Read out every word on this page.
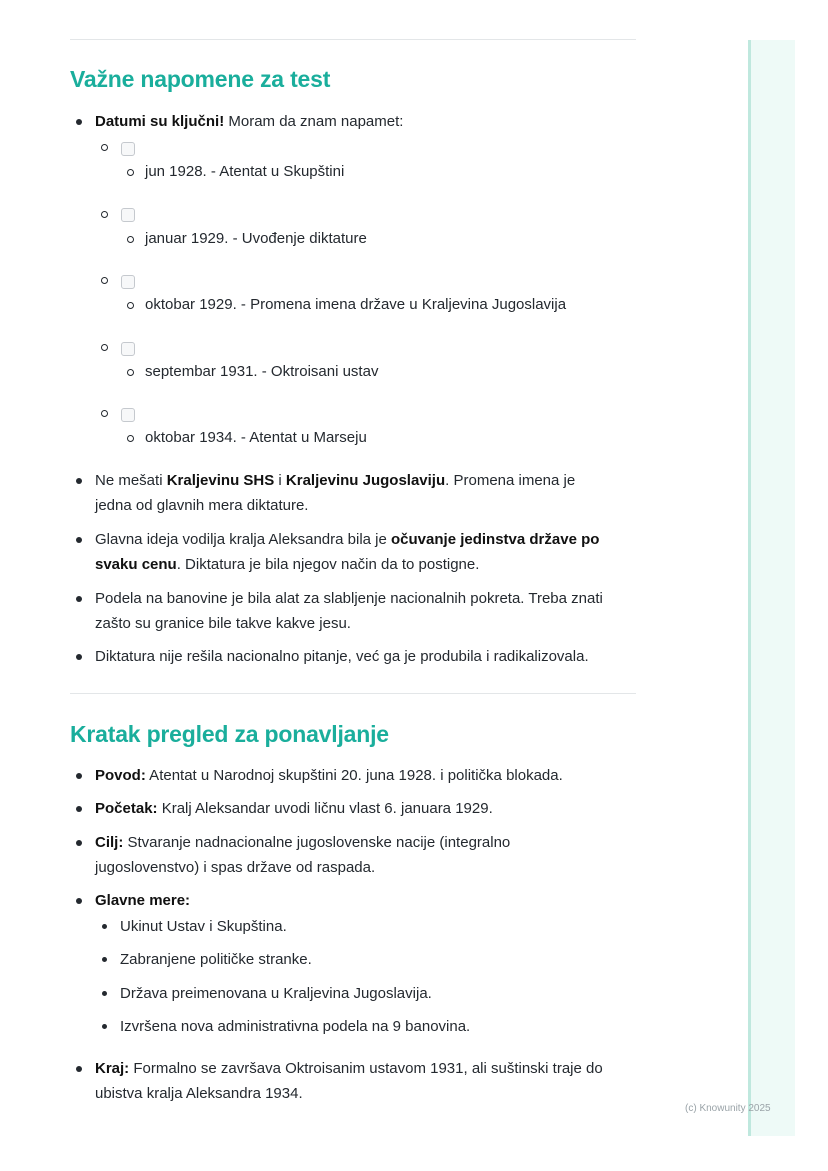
Važne napomene za test
Datumi su ključni! Moram da znam napamet:
jun 1928. - Atentat u Skupštini
januar 1929. - Uvođenje diktature
oktobar 1929. - Promena imena države u Kraljevina Jugoslavija
septembar 1931. - Oktroisani ustav
oktobar 1934. - Atentat u Marseju
Ne mešati Kraljevinu SHS i Kraljevinu Jugoslaviju. Promena imena je
jedna od glavnih mera diktature.
Glavna ideja vodilja kralja Aleksandra bila je očuvanje jedinstva države po
svaku cenu. Diktatura je bila njegov način da to postigne.
Podela na banovine je bila alat za slabljenje nacionalnih pokreta. Treba znati
zašto su granice bile takve kakve jesu.
Diktatura nije rešila nacionalno pitanje, već ga je produbila i radikalizovala.
Kratak pregled za ponavljanje
Povod: Atentat u Narodnoj skupštini 20. juna 1928. i politička blokada.
Početak: Kralj Aleksandar uvodi ličnu vlast 6. januara 1929.
Cilj: Stvaranje nadnacionalne jugoslovenske nacije (integralno
jugoslovenstvo) i spas države od raspada.
Glavne mere:
Ukinut Ustav i Skupština.
Zabranjene političke stranke.
Država preimenovana u Kraljevina Jugoslavija.
Izvršena nova administrativna podela na 9 banovina.
Kraj: Formalno se završava Oktroisanim ustavom 1931, ali suštinski traje do
ubistva kralja Aleksandra 1934.
(c) Knowunity 2025
